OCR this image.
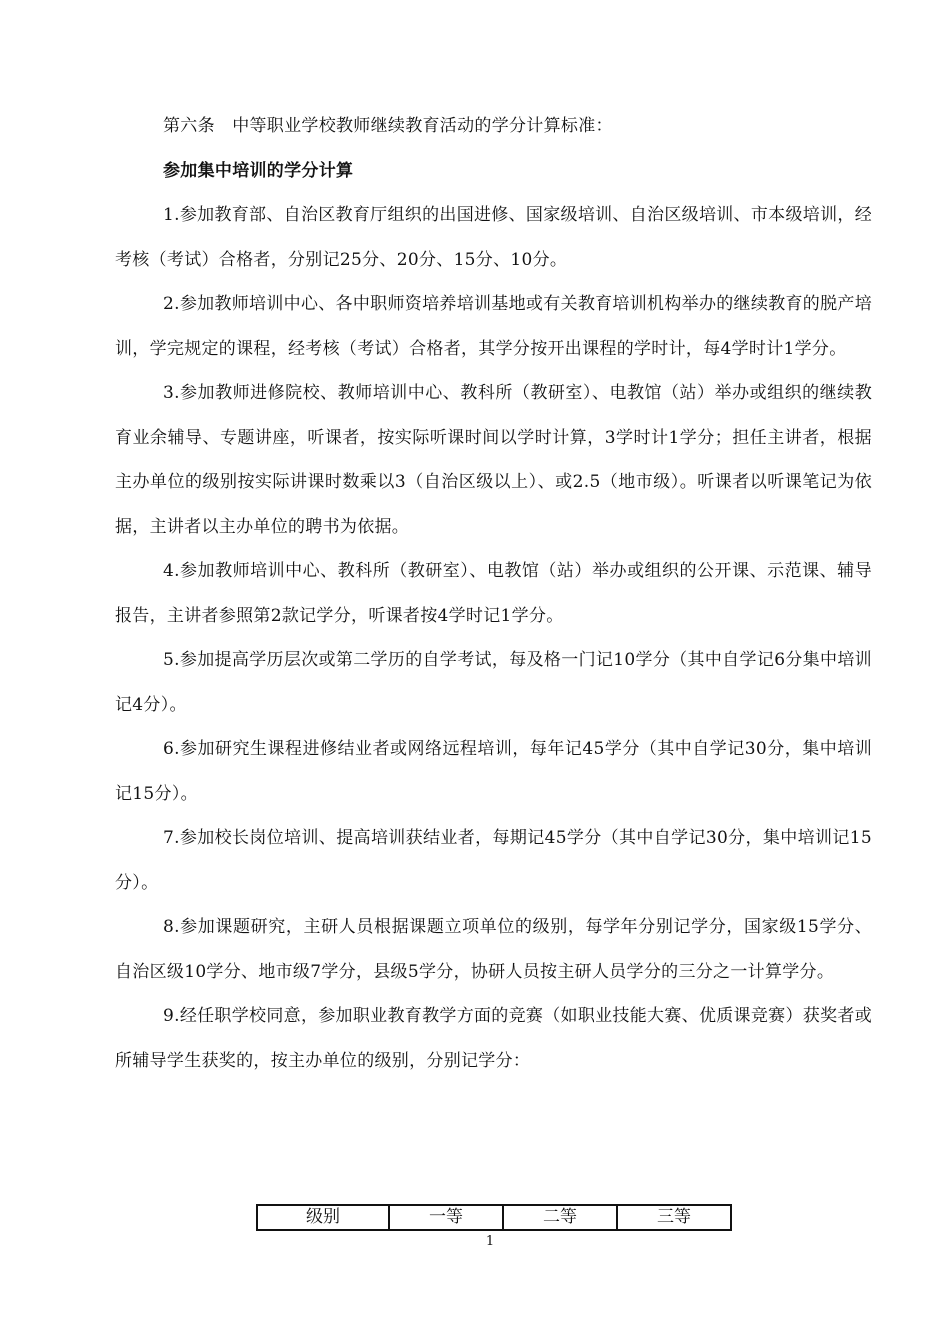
第六条　中等职业学校教师继续教育活动的学分计算标准：

参加集中培训的学分计算

1.参加教育部、自治区教育厅组织的出国进修、国家级培训、自治区级培训、市本级培训，经考核（考试）合格者，分别记25分、20分、15分、10分。

2.参加教师培训中心、各中职师资培养培训基地或有关教育培训机构举办的继续教育的脱产培训，学完规定的课程，经考核（考试）合格者，其学分按开出课程的学时计，每4学时计1学分。

3.参加教师进修院校、教师培训中心、教科所（教研室）、电教馆（站）举办或组织的继续教育业余辅导、专题讲座，听课者，按实际听课时间以学时计算，3学时计1学分；担任主讲者，根据主办单位的级别按实际讲课时数乘以3（自治区级以上）、或2.5（地市级）。听课者以听课笔记为依据，主讲者以主办单位的聘书为依据。

4.参加教师培训中心、教科所（教研室）、电教馆（站）举办或组织的公开课、示范课、辅导报告，主讲者参照第2款记学分，听课者按4学时记1学分。

5.参加提高学历层次或第二学历的自学考试，每及格一门记10学分（其中自学记6分集中培训记4分）。

6.参加研究生课程进修结业者或网络远程培训，每年记45学分（其中自学记30分，集中培训记15分）。

7.参加校长岗位培训、提高培训获结业者，每期记45学分（其中自学记30分，集中培训记15分）。

8.参加课题研究，主研人员根据课题立项单位的级别，每学年分别记学分，国家级15学分、自治区级10学分、地市级7学分，县级5学分，协研人员按主研人员学分的三分之一计算学分。

9.经任职学校同意，参加职业教育教学方面的竞赛（如职业技能大赛、优质课竞赛）获奖者或所辅导学生获奖的，按主办单位的级别，分别记学分：

级别	一等	二等	三等
1
